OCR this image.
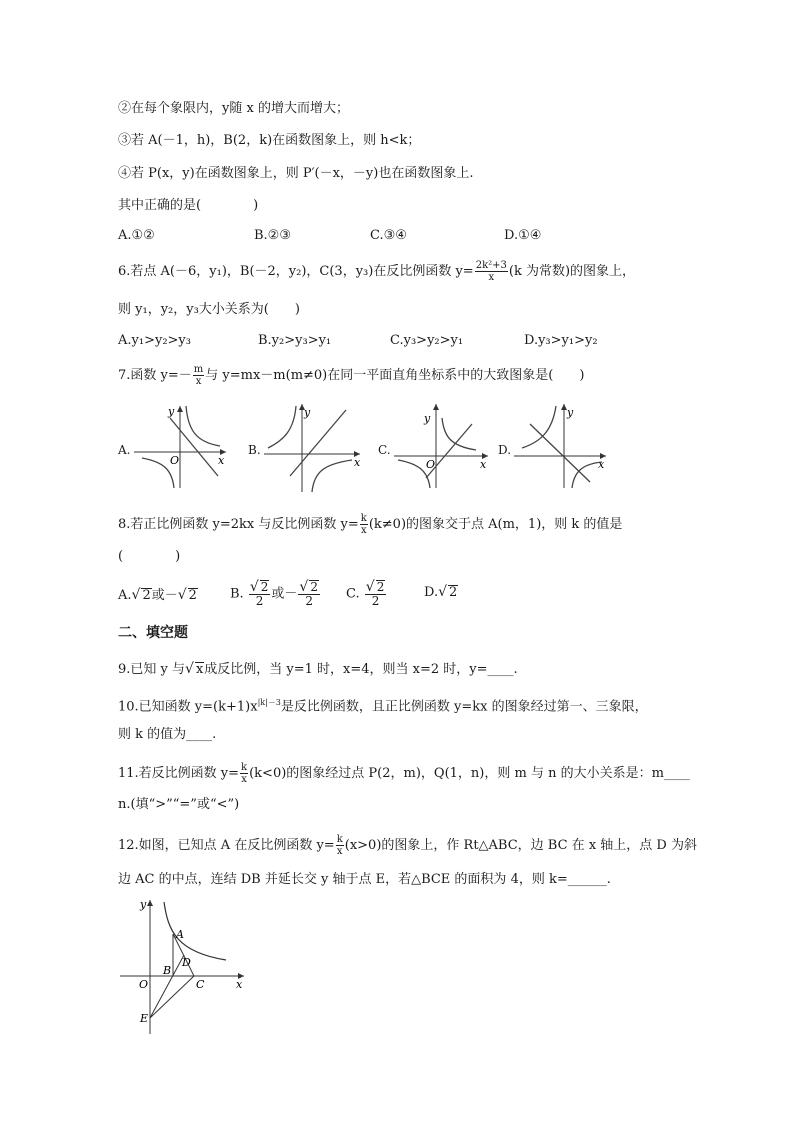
②在每个象限内，y随 x 的增大而增大；
③若 A(－1，h)，B(2，k)在函数图象上，则 h<k；
④若 P(x，y)在函数图象上，则 P′(－x，－y)也在函数图象上.
其中正确的是(　　　　)
A.①②	B.②③	C.③④	D.①④
6.若点 A(－6，y₁)，B(－2，y₂)，C(3，y₃)在反比例函数 $y= \frac{\text{2k²+3}}{x} (k$ 为常数)的图象上，
则 y₁，y₂，y₃大小关系为(　　)
A.y₁>y₂>y₃	B.y₂>y₃>y₁	C.y₃>y₂>y₁	D.y₃>y₁>y₂
7.函数 $y=- \frac{m}{x}$ 与 y=mx－m(m≠0)在同一平面直角坐标系中的大致图象是(　　)
A.
y
x
O
B.
y
x
C.
y
x
O
D.
y
x
8.若正比例函数 y=2kx 与反比例函数 $y= \frac{k}{x} (k\ne 0)$的图象交于点 A(m，1)，则 k 的值是
(　　　　)
A.√ 2或－√ 2	B. $\frac{√ 2}{2}$ 或－ $\frac{√ 2}{2} C$. $\frac{√ 2}{2}$	D.√ 2
二、填空题
9.已知 y 与√ x成反比例，当 y=1 时，x=4，则当 x=2 时，y=____.
10.已知函数 $y=(k+1)x^{|k|-3}$是反比例函数，且正比例函数 y=kx 的图象经过第一、三象限，
则 k 的值为____.
11.若反比例函数 $y= \frac{k}{x} (k<0)$的图象经过点 P(2，m)，Q(1，n)，则 m 与 n 的大小关系是：m____
n.(填“>”“=”或“<”)
12.如图，已知点 A 在反比例函数 $y= \frac{k}{x} (x>0)$的图象上，作 Rt△ABC，边 BC 在 x 轴上，点 D 为斜
边 AC 的中点，连结 DB 并延长交 y 轴于点 E，若△BCE 的面积为 4，则 k=______.
y
x
O
A
B
D
C
E
